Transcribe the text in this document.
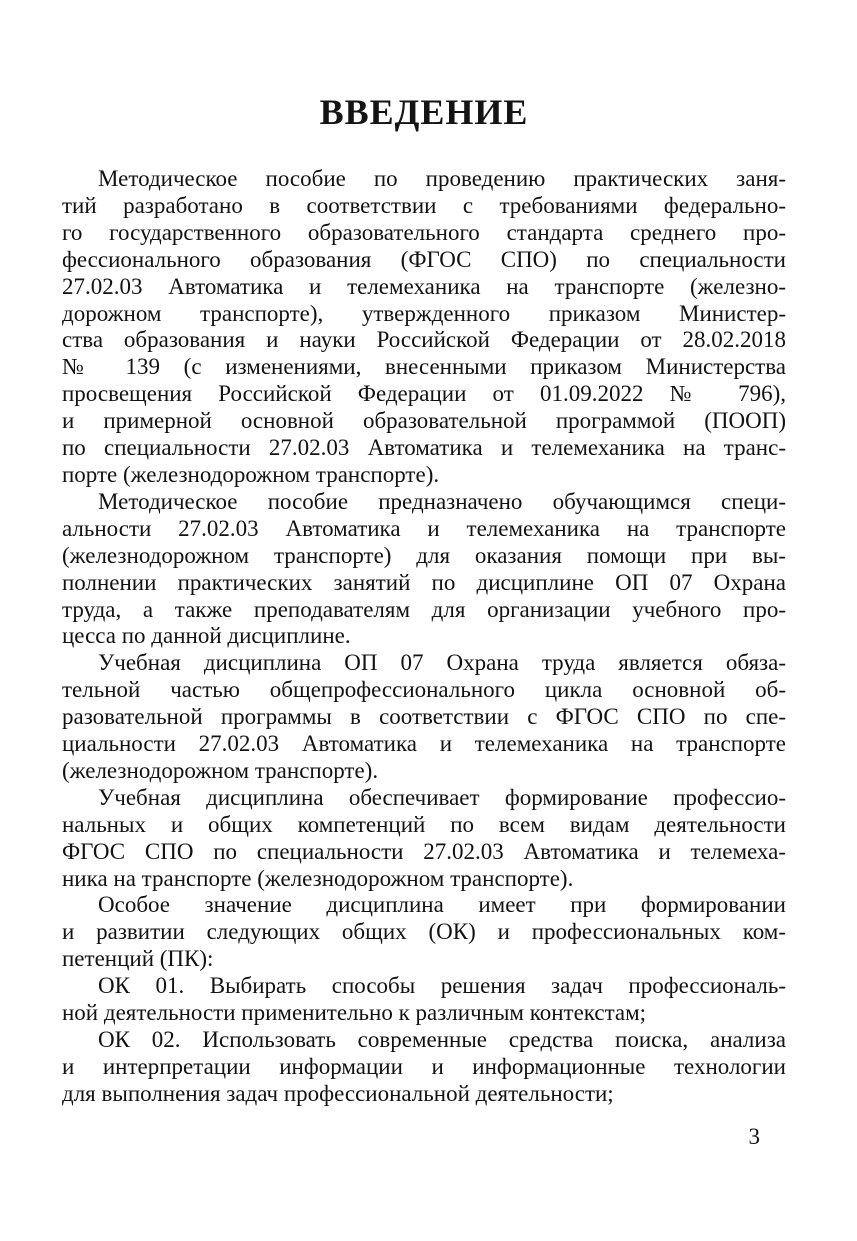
ВВЕДЕНИЕ
Методическое пособие по проведению практических заня-
тий разработано в соответствии с требованиями федерально-
го государственного образовательного стандарта среднего про-
фессионального образования (ФГОС СПО) по специальности
27.02.03 Автоматика и телемеханика на транспорте (железно-
дорожном транспорте), утвержденного приказом Министер-
ства образования и науки Российской Федерации от 28.02.2018
№ 139 (с изменениями, внесенными приказом Министерства
просвещения Российской Федерации от 01.09.2022 № 796),
и примерной основной образовательной программой (ПООП)
по специальности 27.02.03 Автоматика и телемеханика на транс-
порте (железнодорожном транспорте).
Методическое пособие предназначено обучающимся специ-
альности 27.02.03 Автоматика и телемеханика на транспорте
(железнодорожном транспорте) для оказания помощи при вы-
полнении практических занятий по дисциплине ОП 07 Охрана
труда, а также преподавателям для организации учебного про-
цесса по данной дисциплине.
Учебная дисциплина ОП 07 Охрана труда является обяза-
тельной частью общепрофессионального цикла основной об-
разовательной программы в соответствии с ФГОС СПО по спе-
циальности 27.02.03 Автоматика и телемеханика на транспорте
(железнодорожном транспорте).
Учебная дисциплина обеспечивает формирование профессио-
нальных и общих компетенций по всем видам деятельности
ФГОС СПО по специальности 27.02.03 Автоматика и телемеха-
ника на транспорте (железнодорожном транспорте).
Особое значение дисциплина имеет при формировании
и развитии следующих общих (ОК) и профессиональных ком-
петенций (ПК):
ОК 01. Выбирать способы решения задач профессиональ-
ной деятельности применительно к различным контекстам;
ОК 02. Использовать современные средства поиска, анализа
и интерпретации информации и информационные технологии
для выполнения задач профессиональной деятельности;
3
